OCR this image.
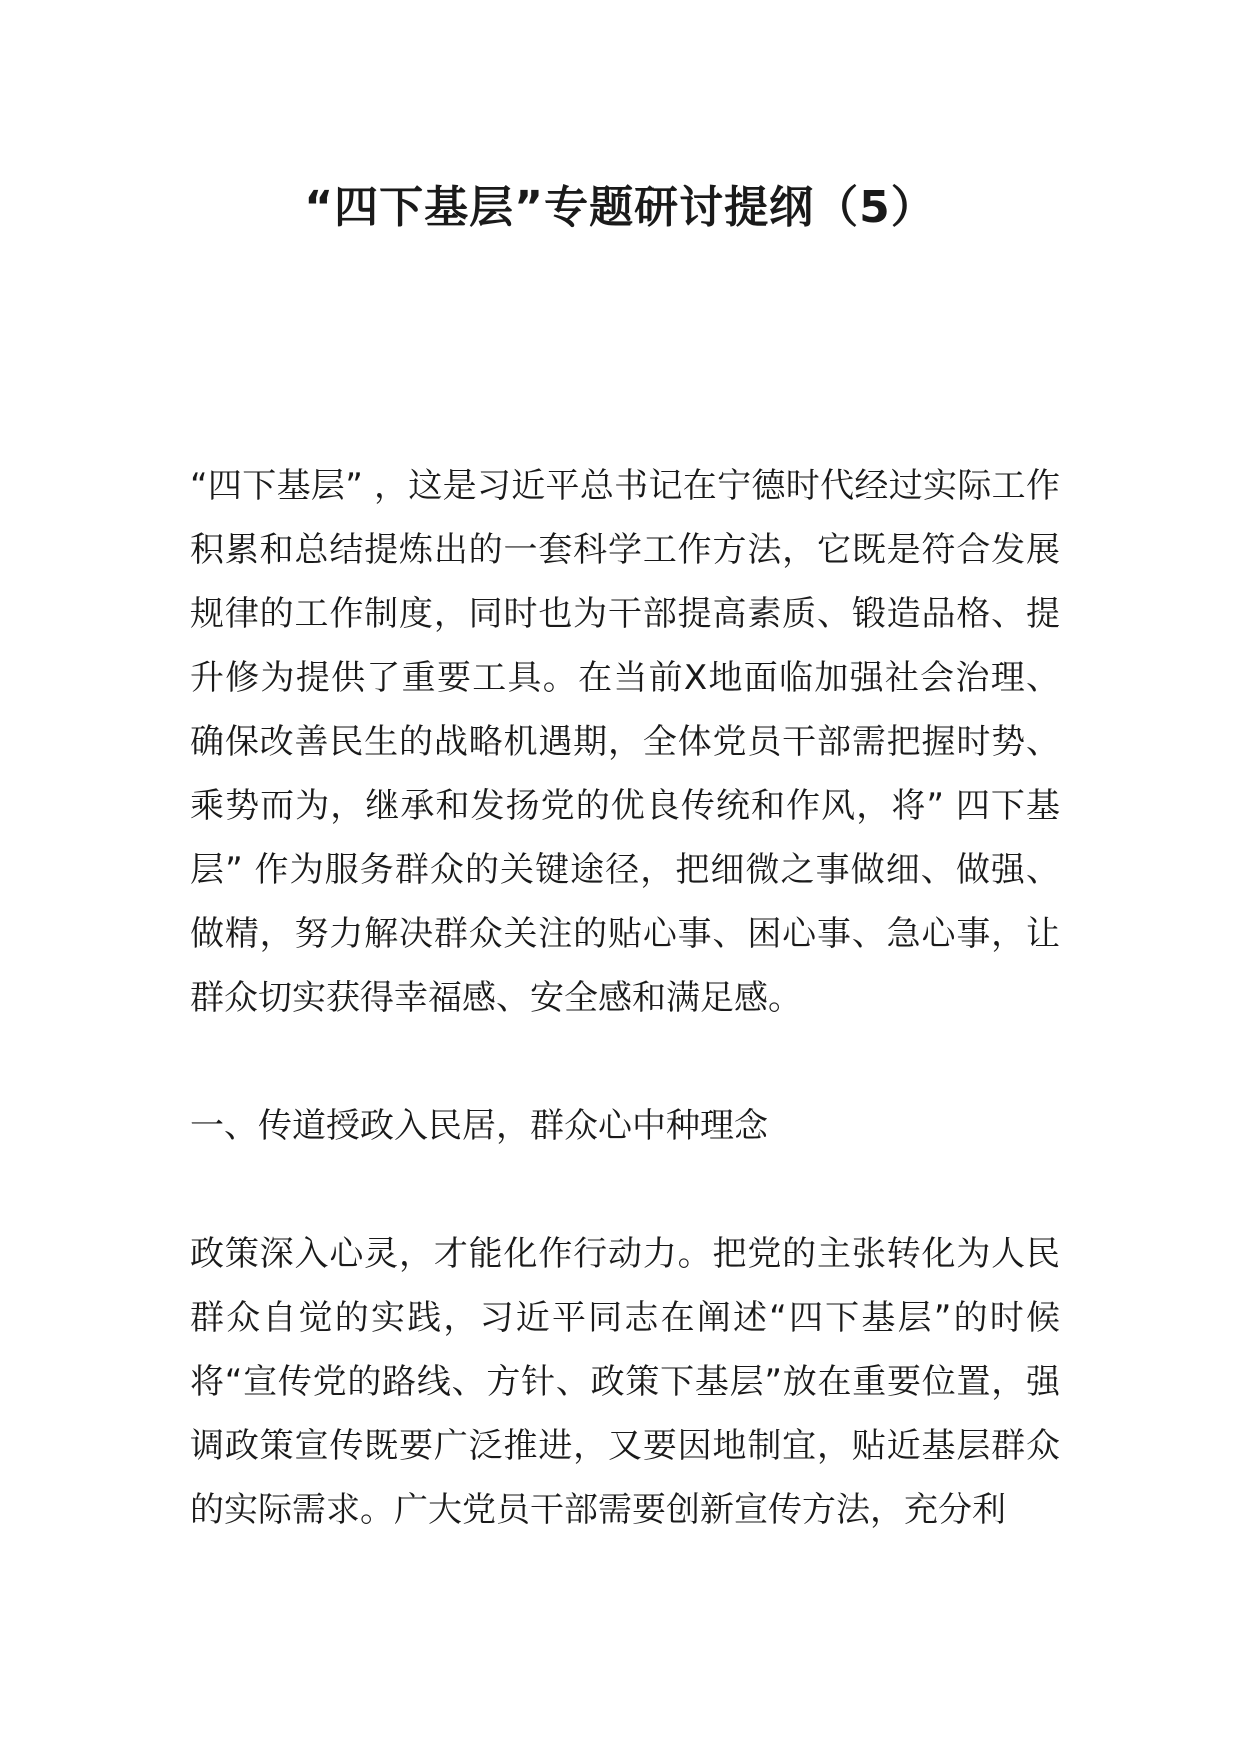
“四下基层”专题研讨提纲（5）

“四下基层” ，这是习近平总书记在宁德时代经过实际工作积累和总结提炼出的一套科学工作方法，它既是符合发展规律的工作制度，同时也为干部提高素质、锻造品格、提升修为提供了重要工具。在当前X地面临加强社会治理、确保改善民生的战略机遇期，全体党员干部需把握时势、乘势而为，继承和发扬党的优良传统和作风，将” 四下基层” 作为服务群众的关键途径，把细微之事做细、做强、做精，努力解决群众关注的贴心事、困心事、急心事，让群众切实获得幸福感、安全感和满足感。

一、传道授政入民居，群众心中种理念

政策深入心灵，才能化作行动力。把党的主张转化为人民群众自觉的实践，习近平同志在阐述“四下基层”的时候将“宣传党的路线、方针、政策下基层”放在重要位置，强调政策宣传既要广泛推进，又要因地制宜，贴近基层群众的实际需求。广大党员干部需要创新宣传方法，充分利
